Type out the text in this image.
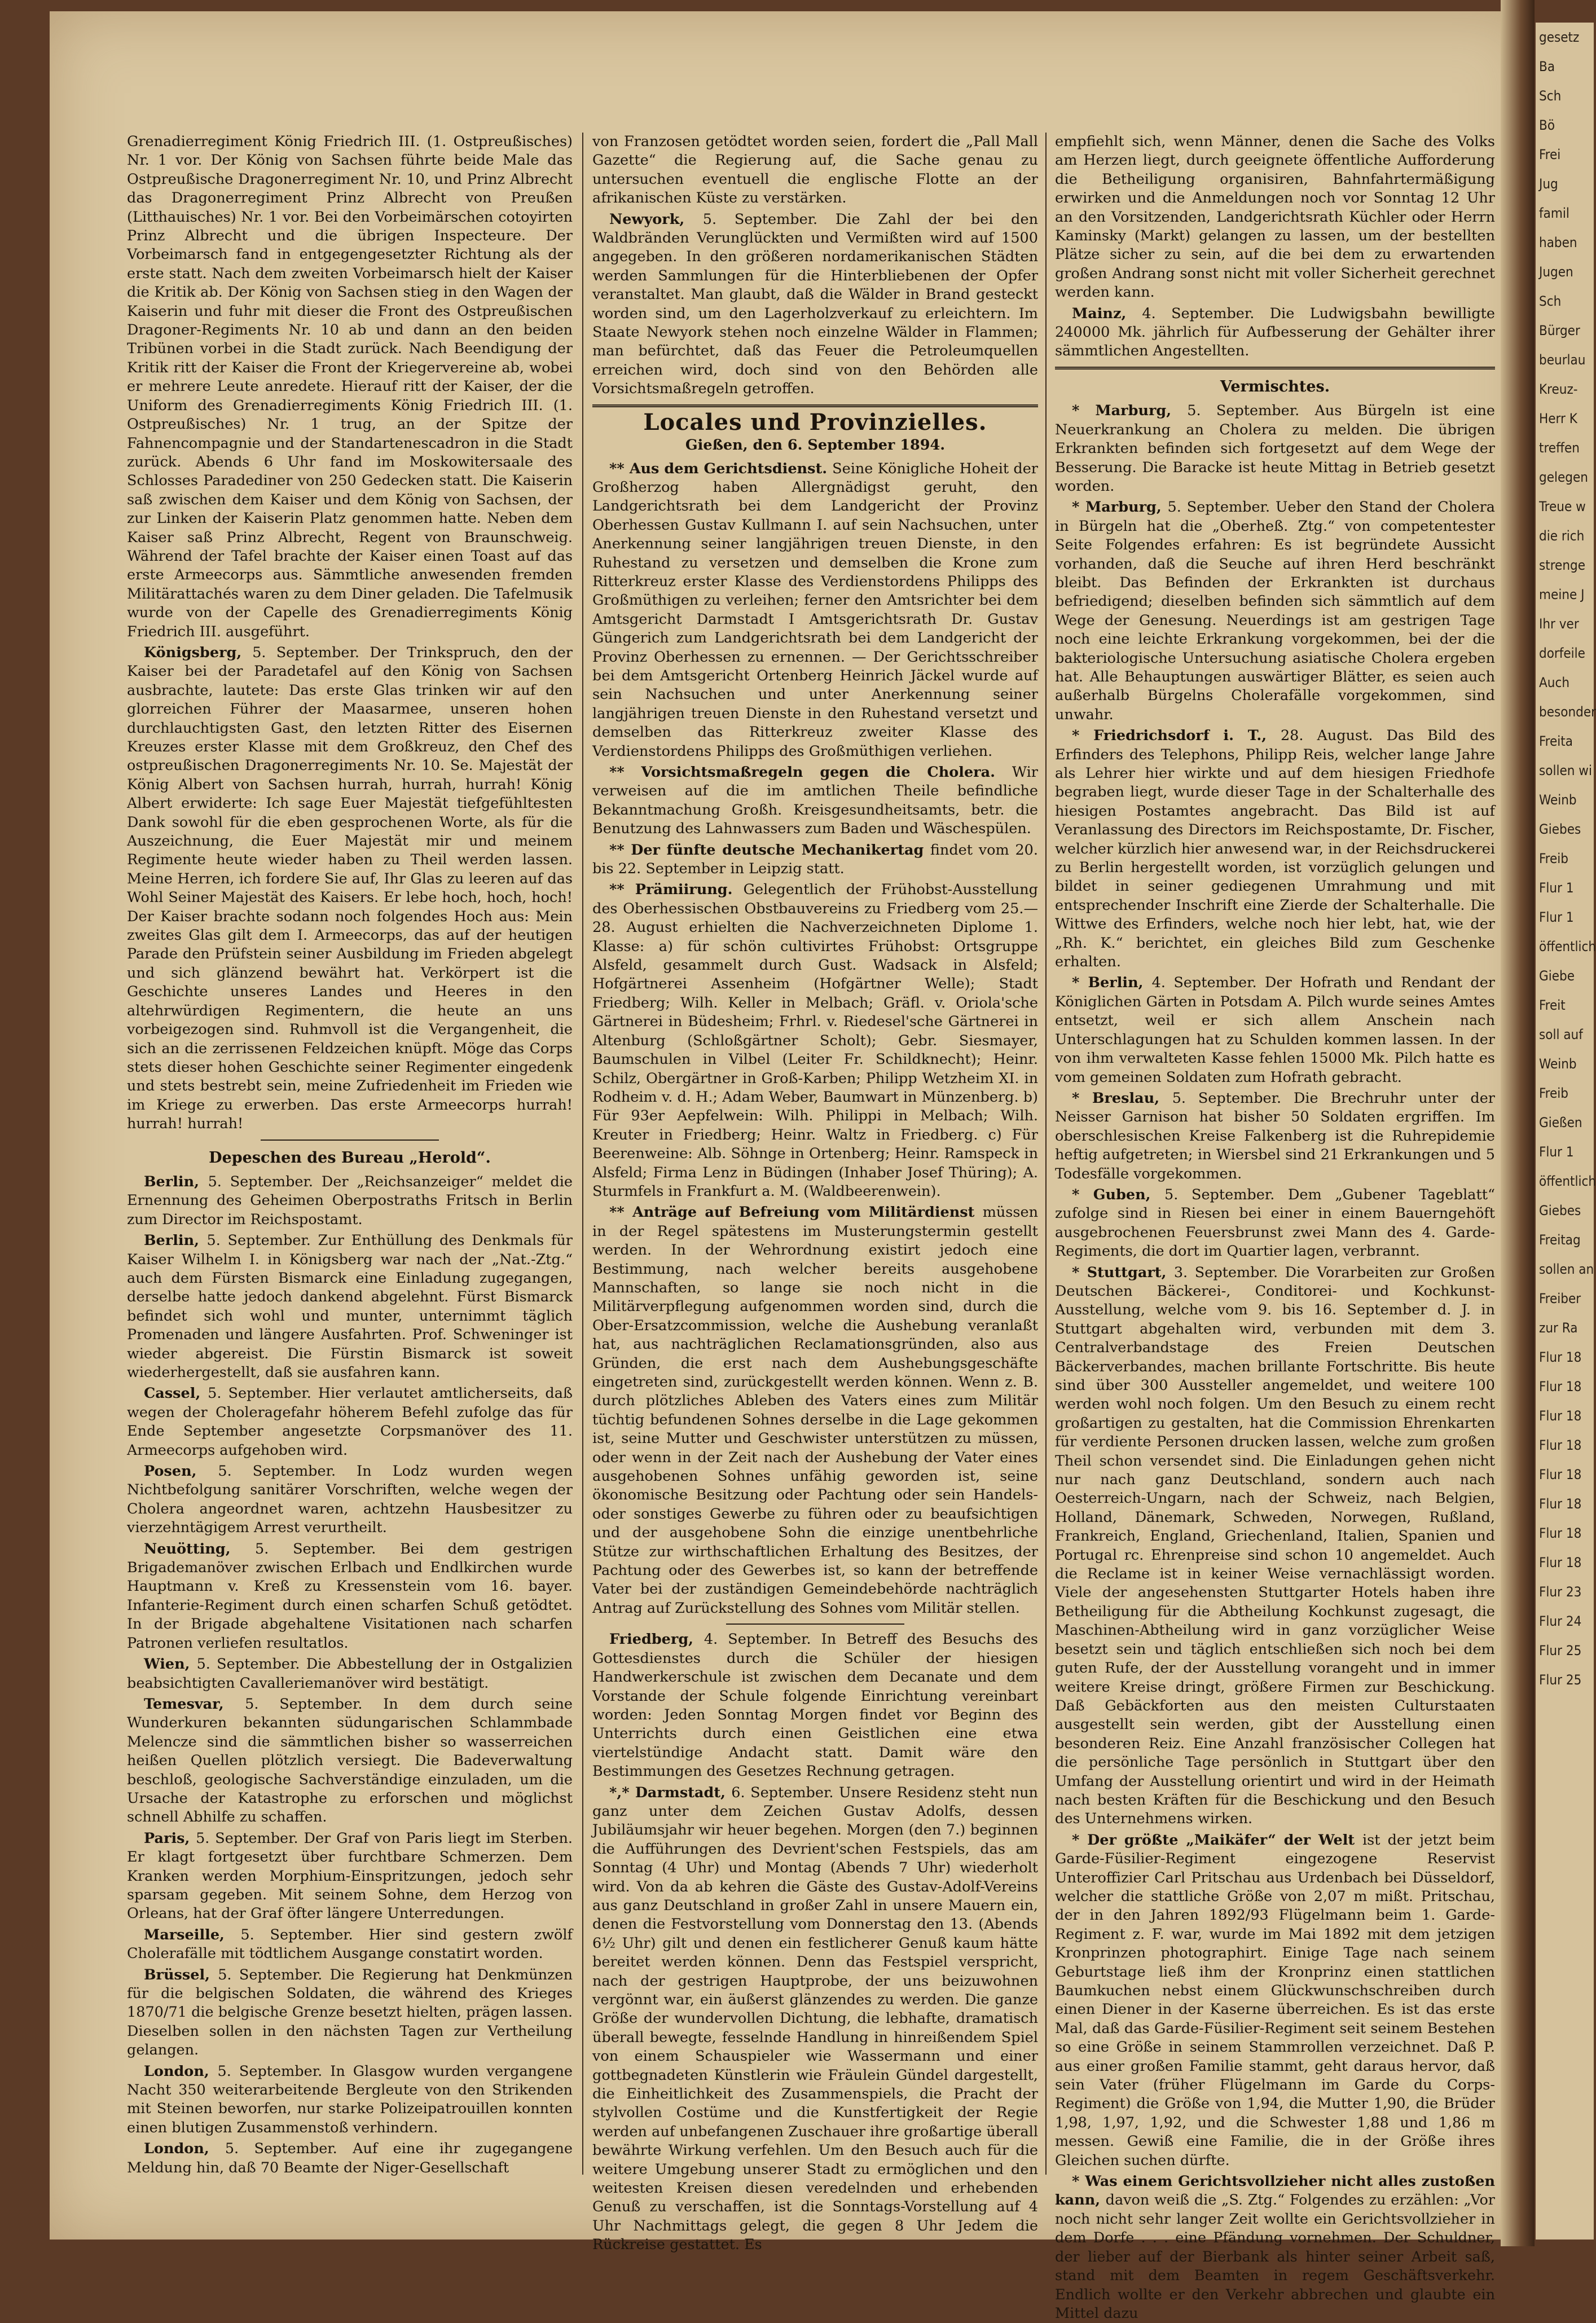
Grenadierregiment König Friedrich III. (1. Ostpreußisches) Nr. 1 vor. Der König von Sachsen führte beide Male das Ostpreußische Dragonerregiment Nr. 10, und Prinz Albrecht das Dragonerregiment Prinz Albrecht von Preußen (Litthauisches) Nr. 1 vor. Bei den Vorbeimärschen cotoyirten Prinz Albrecht und die übrigen Inspecteure. Der Vorbeimarsch fand in entgegengesetzter Richtung als der erste statt. Nach dem zweiten Vorbeimarsch hielt der Kaiser die Kritik ab. Der König von Sachsen stieg in den Wagen der Kaiserin und fuhr mit dieser die Front des Ostpreußischen Dragoner-Regiments Nr. 10 ab und dann an den beiden Tribünen vorbei in die Stadt zurück. Nach Beendigung der Kritik ritt der Kaiser die Front der Kriegervereine ab, wobei er mehrere Leute anredete. Hierauf ritt der Kaiser, der die Uniform des Grenadierregiments König Friedrich III. (1. Ostpreußisches) Nr. 1 trug, an der Spitze der Fahnencompagnie und der Standartenescadron in die Stadt zurück. Abends 6 Uhr fand im Moskowitersaale des Schlosses Paradediner von 250 Gedecken statt. Die Kaiserin saß zwischen dem Kaiser und dem König von Sachsen, der zur Linken der Kaiserin Platz genommen hatte. Neben dem Kaiser saß Prinz Albrecht, Regent von Braunschweig. Während der Tafel brachte der Kaiser einen Toast auf das erste Armeecorps aus. Sämmtliche anwesenden fremden Militärattachés waren zu dem Diner geladen. Die Tafelmusik wurde von der Capelle des Grenadierregiments König Friedrich III. ausgeführt.

Königsberg, 5. September. Der Trinkspruch, den der Kaiser bei der Paradetafel auf den König von Sachsen ausbrachte, lautete: Das erste Glas trinken wir auf den glorreichen Führer der Maasarmee, unseren hohen durchlauchtigsten Gast, den letzten Ritter des Eisernen Kreuzes erster Klasse mit dem Großkreuz, den Chef des ostpreußischen Dragonerregiments Nr. 10. Se. Majestät der König Albert von Sachsen hurrah, hurrah, hurrah! König Albert erwiderte: Ich sage Euer Majestät tiefgefühltesten Dank sowohl für die eben gesprochenen Worte, als für die Auszeichnung, die Euer Majestät mir und meinem Regimente heute wieder haben zu Theil werden lassen. Meine Herren, ich fordere Sie auf, Ihr Glas zu leeren auf das Wohl Seiner Majestät des Kaisers. Er lebe hoch, hoch, hoch! Der Kaiser brachte sodann noch folgendes Hoch aus: Mein zweites Glas gilt dem I. Armeecorps, das auf der heutigen Parade den Prüfstein seiner Ausbildung im Frieden abgelegt und sich glänzend bewährt hat. Verkörpert ist die Geschichte unseres Landes und Heeres in den altehrwürdigen Regimentern, die heute an uns vorbeigezogen sind. Ruhmvoll ist die Vergangenheit, die sich an die zerrissenen Feldzeichen knüpft. Möge das Corps stets dieser hohen Geschichte seiner Regimenter eingedenk und stets bestrebt sein, meine Zufriedenheit im Frieden wie im Kriege zu erwerben. Das erste Armeecorps hurrah! hurrah! hurrah!

Depeschen des Bureau „Herold“.

Berlin, 5. September. Der „Reichsanzeiger“ meldet die Ernennung des Geheimen Oberpostraths Fritsch in Berlin zum Director im Reichspostamt.

Berlin, 5. September. Zur Enthüllung des Denkmals für Kaiser Wilhelm I. in Königsberg war nach der „Nat.-Ztg.“ auch dem Fürsten Bismarck eine Einladung zugegangen, derselbe hatte jedoch dankend abgelehnt. Fürst Bismarck befindet sich wohl und munter, unternimmt täglich Promenaden und längere Ausfahrten. Prof. Schweninger ist wieder abgereist. Die Fürstin Bismarck ist soweit wiederhergestellt, daß sie ausfahren kann.

Cassel, 5. September. Hier verlautet amtlicherseits, daß wegen der Choleragefahr höherem Befehl zufolge das für Ende September angesetzte Corpsmanöver des 11. Armeecorps aufgehoben wird.

Posen, 5. September. In Lodz wurden wegen Nichtbefolgung sanitärer Vorschriften, welche wegen der Cholera angeordnet waren, achtzehn Hausbesitzer zu vierzehntägigem Arrest verurtheilt.

Neuötting, 5. September. Bei dem gestrigen Brigademanöver zwischen Erlbach und Endlkirchen wurde Hauptmann v. Kreß zu Kressenstein vom 16. bayer. Infanterie-Regiment durch einen scharfen Schuß getödtet. In der Brigade abgehaltene Visitationen nach scharfen Patronen verliefen resultatlos.

Wien, 5. September. Die Abbestellung der in Ostgalizien beabsichtigten Cavalleriemanöver wird bestätigt.

Temesvar, 5. September. In dem durch seine Wunderkuren bekannten südungarischen Schlammbade Melencze sind die sämmtlichen bisher so wasserreichen heißen Quellen plötzlich versiegt. Die Badeverwaltung beschloß, geologische Sachverständige einzuladen, um die Ursache der Katastrophe zu erforschen und möglichst schnell Abhilfe zu schaffen.

Paris, 5. September. Der Graf von Paris liegt im Sterben. Er klagt fortgesetzt über furchtbare Schmerzen. Dem Kranken werden Morphium-Einspritzungen, jedoch sehr sparsam gegeben. Mit seinem Sohne, dem Herzog von Orleans, hat der Graf öfter längere Unterredungen.

Marseille, 5. September. Hier sind gestern zwölf Cholerafälle mit tödtlichem Ausgange constatirt worden.

Brüssel, 5. September. Die Regierung hat Denkmünzen für die belgischen Soldaten, die während des Krieges 1870/71 die belgische Grenze besetzt hielten, prägen lassen. Dieselben sollen in den nächsten Tagen zur Vertheilung gelangen.

London, 5. September. In Glasgow wurden vergangene Nacht 350 weiterarbeitende Bergleute von den Strikenden mit Steinen beworfen, nur starke Polizeipatrouillen konnten einen blutigen Zusammenstoß verhindern.

London, 5. September. Auf eine ihr zugegangene Meldung hin, daß 70 Beamte der Niger-Gesellschaft

von Franzosen getödtet worden seien, fordert die „Pall Mall Gazette“ die Regierung auf, die Sache genau zu untersuchen eventuell die englische Flotte an der afrikanischen Küste zu verstärken.

Newyork, 5. September. Die Zahl der bei den Waldbränden Verunglückten und Vermißten wird auf 1500 angegeben. In den größeren nordamerikanischen Städten werden Sammlungen für die Hinterbliebenen der Opfer veranstaltet. Man glaubt, daß die Wälder in Brand gesteckt worden sind, um den Lagerholzverkauf zu erleichtern. Im Staate Newyork stehen noch einzelne Wälder in Flammen; man befürchtet, daß das Feuer die Petroleumquellen erreichen wird, doch sind von den Behörden alle Vorsichtsmaßregeln getroffen.

Locales und Provinzielles.

Gießen, den 6. September 1894.

** Aus dem Gerichtsdienst. Seine Königliche Hoheit der Großherzog haben Allergnädigst geruht, den Landgerichtsrath bei dem Landgericht der Provinz Oberhessen Gustav Kullmann I. auf sein Nachsuchen, unter Anerkennung seiner langjährigen treuen Dienste, in den Ruhestand zu versetzen und demselben die Krone zum Ritterkreuz erster Klasse des Verdienstordens Philipps des Großmüthigen zu verleihen; ferner den Amtsrichter bei dem Amtsgericht Darmstadt I Amtsgerichtsrath Dr. Gustav Güngerich zum Landgerichtsrath bei dem Landgericht der Provinz Oberhessen zu ernennen. — Der Gerichtsschreiber bei dem Amtsgericht Ortenberg Heinrich Jäckel wurde auf sein Nachsuchen und unter Anerkennung seiner langjährigen treuen Dienste in den Ruhestand versetzt und demselben das Ritterkreuz zweiter Klasse des Verdienstordens Philipps des Großmüthigen verliehen.

** Vorsichtsmaßregeln gegen die Cholera. Wir verweisen auf die im amtlichen Theile befindliche Bekanntmachung Großh. Kreisgesundheitsamts, betr. die Benutzung des Lahnwassers zum Baden und Wäschespülen.

** Der fünfte deutsche Mechanikertag findet vom 20. bis 22. September in Leipzig statt.

** Prämiirung. Gelegentlich der Frühobst-Ausstellung des Oberhessischen Obstbauvereins zu Friedberg vom 25.—28. August erhielten die Nachverzeichneten Diplome 1. Klasse: a) für schön cultivirtes Frühobst: Ortsgruppe Alsfeld, gesammelt durch Gust. Wadsack in Alsfeld; Hofgärtnerei Assenheim (Hofgärtner Welle); Stadt Friedberg; Wilh. Keller in Melbach; Gräfl. v. Oriola'sche Gärtnerei in Büdesheim; Frhrl. v. Riedesel'sche Gärtnerei in Altenburg (Schloßgärtner Scholt); Gebr. Siesmayer, Baumschulen in Vilbel (Leiter Fr. Schildknecht); Heinr. Schilz, Obergärtner in Groß-Karben; Philipp Wetzheim XI. in Rodheim v. d. H.; Adam Weber, Baumwart in Münzenberg. b) Für 93er Aepfelwein: Wilh. Philippi in Melbach; Wilh. Kreuter in Friedberg; Heinr. Waltz in Friedberg. c) Für Beerenweine: Alb. Söhnge in Ortenberg; Heinr. Ramspeck in Alsfeld; Firma Lenz in Büdingen (Inhaber Josef Thüring); A. Sturmfels in Frankfurt a. M. (Waldbeerenwein).

** Anträge auf Befreiung vom Militärdienst müssen in der Regel spätestens im Musterungstermin gestellt werden. In der Wehrordnung existirt jedoch eine Bestimmung, nach welcher bereits ausgehobene Mannschaften, so lange sie noch nicht in die Militärverpflegung aufgenommen worden sind, durch die Ober-Ersatzcommission, welche die Aushebung veranlaßt hat, aus nachträglichen Reclamationsgründen, also aus Gründen, die erst nach dem Aushebungsgeschäfte eingetreten sind, zurückgestellt werden können. Wenn z. B. durch plötzliches Ableben des Vaters eines zum Militär tüchtig befundenen Sohnes derselbe in die Lage gekommen ist, seine Mutter und Geschwister unterstützen zu müssen, oder wenn in der Zeit nach der Aushebung der Vater eines ausgehobenen Sohnes unfähig geworden ist, seine ökonomische Besitzung oder Pachtung oder sein Handels- oder sonstiges Gewerbe zu führen oder zu beaufsichtigen und der ausgehobene Sohn die einzige unentbehrliche Stütze zur wirthschaftlichen Erhaltung des Besitzes, der Pachtung oder des Gewerbes ist, so kann der betreffende Vater bei der zuständigen Gemeindebehörde nachträglich Antrag auf Zurückstellung des Sohnes vom Militär stellen.

Friedberg, 4. September. In Betreff des Besuchs des Gottesdienstes durch die Schüler der hiesigen Handwerkerschule ist zwischen dem Decanate und dem Vorstande der Schule folgende Einrichtung vereinbart worden: Jeden Sonntag Morgen findet vor Beginn des Unterrichts durch einen Geistlichen eine etwa viertelstündige Andacht statt. Damit wäre den Bestimmungen des Gesetzes Rechnung getragen.

*,* Darmstadt, 6. September. Unsere Residenz steht nun ganz unter dem Zeichen Gustav Adolfs, dessen Jubiläumsjahr wir heuer begehen. Morgen (den 7.) beginnen die Aufführungen des Devrient'schen Festspiels, das am Sonntag (4 Uhr) und Montag (Abends 7 Uhr) wiederholt wird. Von da ab kehren die Gäste des Gustav-Adolf-Vereins aus ganz Deutschland in großer Zahl in unsere Mauern ein, denen die Festvorstellung vom Donnerstag den 13. (Abends 6½ Uhr) gilt und denen ein festlicherer Genuß kaum hätte bereitet werden können. Denn das Festspiel verspricht, nach der gestrigen Hauptprobe, der uns beizuwohnen vergönnt war, ein äußerst glänzendes zu werden. Die ganze Größe der wundervollen Dichtung, die lebhafte, dramatisch überall bewegte, fesselnde Handlung in hinreißendem Spiel von einem Schauspieler wie Wassermann und einer gottbegnadeten Künstlerin wie Fräulein Gündel dargestellt, die Einheitlichkeit des Zusammenspiels, die Pracht der stylvollen Costüme und die Kunstfertigkeit der Regie werden auf unbefangenen Zuschauer ihre großartige überall bewährte Wirkung verfehlen. Um den Besuch auch für die weitere Umgebung unserer Stadt zu ermöglichen und den weitesten Kreisen diesen veredelnden und erhebenden Genuß zu verschaffen, ist die Sonntags-Vorstellung auf 4 Uhr Nachmittags gelegt, die gegen 8 Uhr Jedem die Rückreise gestattet. Es

empfiehlt sich, wenn Männer, denen die Sache des Volks am Herzen liegt, durch geeignete öffentliche Aufforderung die Betheiligung organisiren, Bahnfahrtermäßigung erwirken und die Anmeldungen noch vor Sonntag 12 Uhr an den Vorsitzenden, Landgerichtsrath Küchler oder Herrn Kaminsky (Markt) gelangen zu lassen, um der bestellten Plätze sicher zu sein, auf die bei dem zu erwartenden großen Andrang sonst nicht mit voller Sicherheit gerechnet werden kann.

Mainz, 4. September. Die Ludwigsbahn bewilligte 240000 Mk. jährlich für Aufbesserung der Gehälter ihrer sämmtlichen Angestellten.

Vermischtes.

* Marburg, 5. September. Aus Bürgeln ist eine Neuerkrankung an Cholera zu melden. Die übrigen Erkrankten befinden sich fortgesetzt auf dem Wege der Besserung. Die Baracke ist heute Mittag in Betrieb gesetzt worden.

* Marburg, 5. September. Ueber den Stand der Cholera in Bürgeln hat die „Oberheß. Ztg.“ von competentester Seite Folgendes erfahren: Es ist begründete Aussicht vorhanden, daß die Seuche auf ihren Herd beschränkt bleibt. Das Befinden der Erkrankten ist durchaus befriedigend; dieselben befinden sich sämmtlich auf dem Wege der Genesung. Neuerdings ist am gestrigen Tage noch eine leichte Erkrankung vorgekommen, bei der die bakteriologische Untersuchung asiatische Cholera ergeben hat. Alle Behauptungen auswärtiger Blätter, es seien auch außerhalb Bürgelns Cholerafälle vorgekommen, sind unwahr.

* Friedrichsdorf i. T., 28. August. Das Bild des Erfinders des Telephons, Philipp Reis, welcher lange Jahre als Lehrer hier wirkte und auf dem hiesigen Friedhofe begraben liegt, wurde dieser Tage in der Schalterhalle des hiesigen Postamtes angebracht. Das Bild ist auf Veranlassung des Directors im Reichspostamte, Dr. Fischer, welcher kürzlich hier anwesend war, in der Reichsdruckerei zu Berlin hergestellt worden, ist vorzüglich gelungen und bildet in seiner gediegenen Umrahmung und mit entsprechender Inschrift eine Zierde der Schalterhalle. Die Wittwe des Erfinders, welche noch hier lebt, hat, wie der „Rh. K.“ berichtet, ein gleiches Bild zum Geschenke erhalten.

* Berlin, 4. September. Der Hofrath und Rendant der Königlichen Gärten in Potsdam A. Pilch wurde seines Amtes entsetzt, weil er sich allem Anschein nach Unterschlagungen hat zu Schulden kommen lassen. In der von ihm verwalteten Kasse fehlen 15000 Mk. Pilch hatte es vom gemeinen Soldaten zum Hofrath gebracht.

* Breslau, 5. September. Die Brechruhr unter der Neisser Garnison hat bisher 50 Soldaten ergriffen. Im oberschlesischen Kreise Falkenberg ist die Ruhrepidemie heftig aufgetreten; in Wiersbel sind 21 Erkrankungen und 5 Todesfälle vorgekommen.

* Guben, 5. September. Dem „Gubener Tageblatt“ zufolge sind in Riesen bei einer in einem Bauerngehöft ausgebrochenen Feuersbrunst zwei Mann des 4. Garde-Regiments, die dort im Quartier lagen, verbrannt.

* Stuttgart, 3. September. Die Vorarbeiten zur Großen Deutschen Bäckerei-, Conditorei- und Kochkunst-Ausstellung, welche vom 9. bis 16. September d. J. in Stuttgart abgehalten wird, verbunden mit dem 3. Centralverbandstage des Freien Deutschen Bäckerverbandes, machen brillante Fortschritte. Bis heute sind über 300 Aussteller angemeldet, und weitere 100 werden wohl noch folgen. Um den Besuch zu einem recht großartigen zu gestalten, hat die Commission Ehrenkarten für verdiente Personen drucken lassen, welche zum großen Theil schon versendet sind. Die Einladungen gehen nicht nur nach ganz Deutschland, sondern auch nach Oesterreich-Ungarn, nach der Schweiz, nach Belgien, Holland, Dänemark, Schweden, Norwegen, Rußland, Frankreich, England, Griechenland, Italien, Spanien und Portugal rc. Ehrenpreise sind schon 10 angemeldet. Auch die Reclame ist in keiner Weise vernachlässigt worden. Viele der angesehensten Stuttgarter Hotels haben ihre Betheiligung für die Abtheilung Kochkunst zugesagt, die Maschinen-Abtheilung wird in ganz vorzüglicher Weise besetzt sein und täglich entschließen sich noch bei dem guten Rufe, der der Ausstellung vorangeht und in immer weitere Kreise dringt, größere Firmen zur Beschickung. Daß Gebäckforten aus den meisten Culturstaaten ausgestellt sein werden, gibt der Ausstellung einen besonderen Reiz. Eine Anzahl französischer Collegen hat die persönliche Tage persönlich in Stuttgart über den Umfang der Ausstellung orientirt und wird in der Heimath nach besten Kräften für die Beschickung und den Besuch des Unternehmens wirken.

* Der größte „Maikäfer“ der Welt ist der jetzt beim Garde-Füsilier-Regiment eingezogene Reservist Unteroffizier Carl Pritschau aus Urdenbach bei Düsseldorf, welcher die stattliche Größe von 2,07 m mißt. Pritschau, der in den Jahren 1892/93 Flügelmann beim 1. Garde-Regiment z. F. war, wurde im Mai 1892 mit dem jetzigen Kronprinzen photographirt. Einige Tage nach seinem Geburtstage ließ ihm der Kronprinz einen stattlichen Baumkuchen nebst einem Glückwunschschreiben durch einen Diener in der Kaserne überreichen. Es ist das erste Mal, daß das Garde-Füsilier-Regiment seit seinem Bestehen so eine Größe in seinem Stammrollen verzeichnet. Daß P. aus einer großen Familie stammt, geht daraus hervor, daß sein Vater (früher Flügelmann im Garde du Corps-Regiment) die Größe von 1,94, die Mutter 1,90, die Brüder 1,98, 1,97, 1,92, und die Schwester 1,88 und 1,86 m messen. Gewiß eine Familie, die in der Größe ihres Gleichen suchen dürfte.

* Was einem Gerichtsvollzieher nicht alles zustoßen kann, davon weiß die „S. Ztg.“ Folgendes zu erzählen: „Vor noch nicht sehr langer Zeit wollte ein Gerichtsvollzieher in dem Dorfe . . . eine Pfändung vornehmen. Der Schuldner, der lieber auf der Bierbank als hinter seiner Arbeit saß, stand mit dem Beamten in regem Geschäftsverkehr. Endlich wollte er den Verkehr abbrechen und glaubte ein Mittel dazu

gesetz
Ba
Sch
Bö
Frei
Jug
famil
haben
Jugen
Sch
Bürger
beurlau
Kreuz-
Herr K
treffen
gelegen
Treue w
die rich
strenge
meine J
Ihr ver
dorfeile
Auch
besonder
Freita
sollen wi
Weinb
Giebes
Freib
Flur 1
Flur 1
öffentlich
Giebe
Freit
soll auf
Weinb
Freib
Gießen
Flur 1
öffentlich
Giebes
Freitag
sollen an
Freiber
zur Ra
Flur 18
Flur 18
Flur 18
Flur 18
Flur 18
Flur 18
Flur 18
Flur 18
Flur 23
Flur 24
Flur 25
Flur 25
